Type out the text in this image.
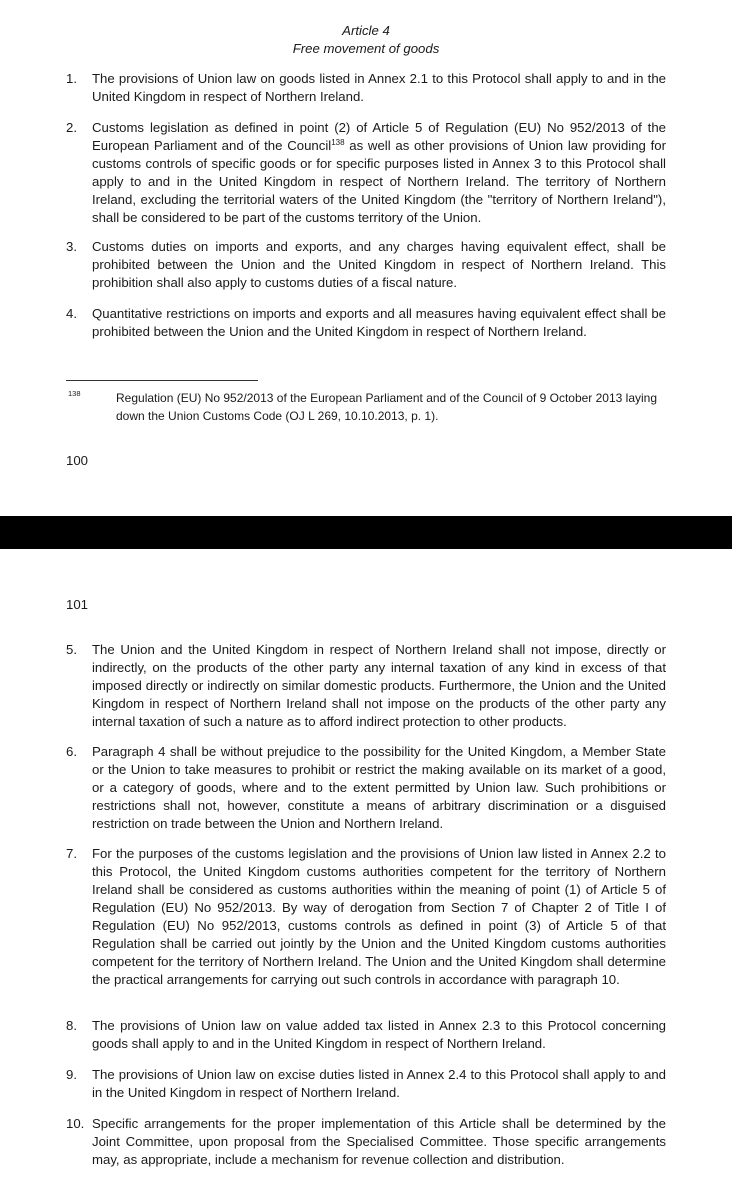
Article 4
Free movement of goods
1. The provisions of Union law on goods listed in Annex 2.1 to this Protocol shall apply to and in the United Kingdom in respect of Northern Ireland.
2. Customs legislation as defined in point (2) of Article 5 of Regulation (EU) No 952/2013 of the European Parliament and of the Council$^{138}$ as well as other provisions of Union law providing for customs controls of specific goods or for specific purposes listed in Annex 3 to this Protocol shall apply to and in the United Kingdom in respect of Northern Ireland. The territory of Northern Ireland, excluding the territorial waters of the United Kingdom (the "territory of Northern Ireland"), shall be considered to be part of the customs territory of the Union.
3. Customs duties on imports and exports, and any charges having equivalent effect, shall be prohibited between the Union and the United Kingdom in respect of Northern Ireland. This prohibition shall also apply to customs duties of a fiscal nature.
4. Quantitative restrictions on imports and exports and all measures having equivalent effect shall be prohibited between the Union and the United Kingdom in respect of Northern Ireland.
138	Regulation (EU) No 952/2013 of the European Parliament and of the Council of 9 October 2013 laying down the Union Customs Code (OJ L 269, 10.10.2013, p. 1).
100
101
5. The Union and the United Kingdom in respect of Northern Ireland shall not impose, directly or indirectly, on the products of the other party any internal taxation of any kind in excess of that imposed directly or indirectly on similar domestic products. Furthermore, the Union and the United Kingdom in respect of Northern Ireland shall not impose on the products of the other party any internal taxation of such a nature as to afford indirect protection to other products.
6. Paragraph 4 shall be without prejudice to the possibility for the United Kingdom, a Member State or the Union to take measures to prohibit or restrict the making available on its market of a good, or a category of goods, where and to the extent permitted by Union law. Such prohibitions or restrictions shall not, however, constitute a means of arbitrary discrimination or a disguised restriction on trade between the Union and Northern Ireland.
7. For the purposes of the customs legislation and the provisions of Union law listed in Annex 2.2 to this Protocol, the United Kingdom customs authorities competent for the territory of Northern Ireland shall be considered as customs authorities within the meaning of point (1) of Article 5 of Regulation (EU) No 952/2013. By way of derogation from Section 7 of Chapter 2 of Title I of Regulation (EU) No 952/2013, customs controls as defined in point (3) of Article 5 of that Regulation shall be carried out jointly by the Union and the United Kingdom customs authorities competent for the territory of Northern Ireland. The Union and the United Kingdom shall determine the practical arrangements for carrying out such controls in accordance with paragraph 10.
8. The provisions of Union law on value added tax listed in Annex 2.3 to this Protocol concerning goods shall apply to and in the United Kingdom in respect of Northern Ireland.
9. The provisions of Union law on excise duties listed in Annex 2.4 to this Protocol shall apply to and in the United Kingdom in respect of Northern Ireland.
10. Specific arrangements for the proper implementation of this Article shall be determined by the Joint Committee, upon proposal from the Specialised Committee. Those specific arrangements may, as appropriate, include a mechanism for revenue collection and distribution.
